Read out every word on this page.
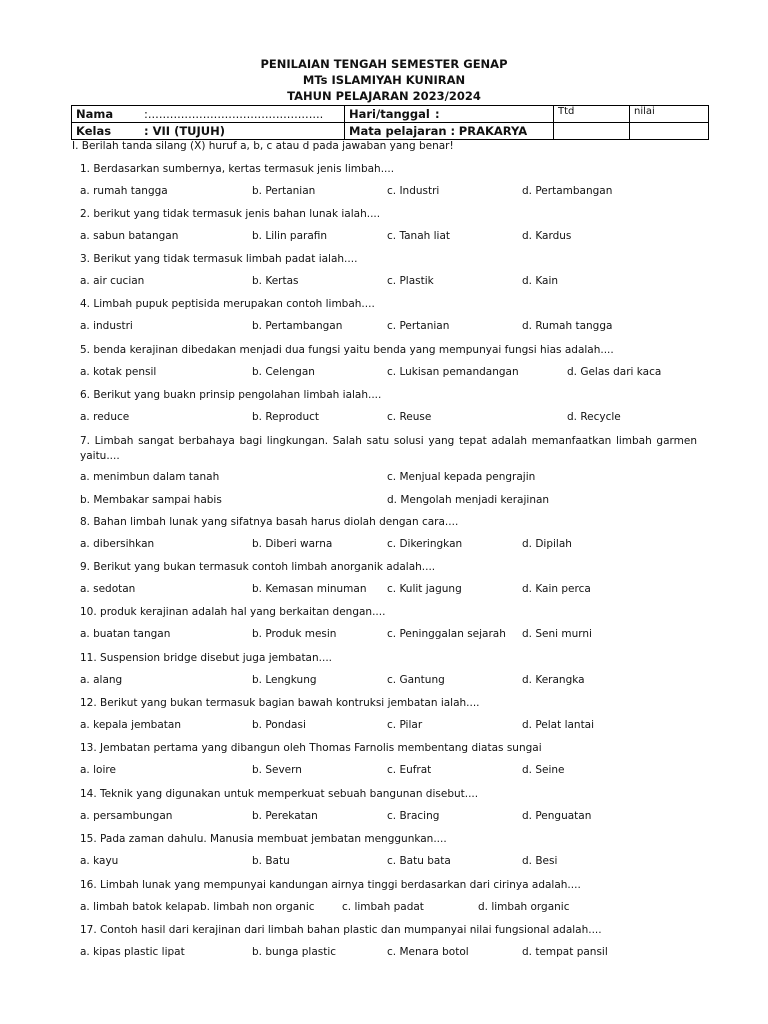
PENILAIAN TENGAH SEMESTER GENAP
MTs ISLAMIYAH KUNIRAN
TAHUN PELAJARAN 2023/2024
Nama :................................................	Hari/tanggal :	Ttd	nilai
Kelas : VII (TUJUH)	Mata pelajaran : PRAKARYA		
I. Berilah tanda silang (X) huruf a, b, c atau d pada jawaban yang benar!
1. Berdasarkan sumbernya, kertas termasuk jenis limbah....
a. rumah tangga	b. Pertanian	c. Industri	d. Pertambangan
2. berikut yang tidak termasuk jenis bahan lunak ialah....
a. sabun batangan	b. Lilin parafin	c. Tanah liat	d. Kardus
3. Berikut yang tidak termasuk limbah padat ialah....
a. air cucian	b. Kertas	c. Plastik	d. Kain
4. Limbah pupuk peptisida merupakan contoh limbah....
a. industri	b. Pertambangan	c. Pertanian	d. Rumah tangga
5. benda kerajinan dibedakan menjadi dua fungsi yaitu benda yang mempunyai fungsi hias adalah....
a. kotak pensil	b. Celengan	c. Lukisan pemandangan	d. Gelas dari kaca
6. Berikut yang buakn prinsip pengolahan limbah ialah....
a. reduce	b. Reproduct	c. Reuse	d. Recycle
7. Limbah sangat berbahaya bagi lingkungan. Salah satu solusi yang tepat adalah memanfaatkan limbah garmen yaitu....
a. menimbun dalam tanah
b. Membakar sampai habis
c. Menjual kepada pengrajin
d. Mengolah menjadi kerajinan
8. Bahan limbah lunak yang sifatnya basah harus diolah dengan cara....
a. dibersihkan	b. Diberi warna	c. Dikeringkan	d. Dipilah
9. Berikut yang bukan termasuk contoh limbah anorganik adalah....
a. sedotan	b. Kemasan minuman c. Kulit jagung	d. Kain perca
10. produk kerajinan adalah hal yang berkaitan dengan....
a. buatan tangan	b. Produk mesin	c. Peninggalan sejarah d. Seni murni
11. Suspension bridge disebut juga jembatan....
a. alang	b. Lengkung	c. Gantung	d. Kerangka
12. Berikut yang bukan termasuk bagian bawah kontruksi jembatan ialah....
a. kepala jembatan	b. Pondasi	c. Pilar	d. Pelat lantai
13. Jembatan pertama yang dibangun oleh Thomas Farnolis membentang diatas sungai
a. loire	b. Severn	c. Eufrat	d. Seine
14. Teknik yang digunakan untuk memperkuat sebuah bangunan disebut....
a. persambungan	b. Perekatan	c. Bracing	d. Penguatan
15. Pada zaman dahulu. Manusia membuat jembatan menggunkan....
a. kayu	b. Batu	c. Batu bata	d. Besi
16. Limbah lunak yang mempunyai kandungan airnya tinggi berdasarkan dari cirinya adalah....
a. limbah batok kelapab. limbah non organic	c. limbah padat	d. limbah organic
17. Contoh hasil dari kerajinan dari limbah bahan plastic dan mumpanyai nilai fungsional adalah....
a. kipas plastic lipat	b. bunga plastic	c. Menara botol	d. tempat pansil
